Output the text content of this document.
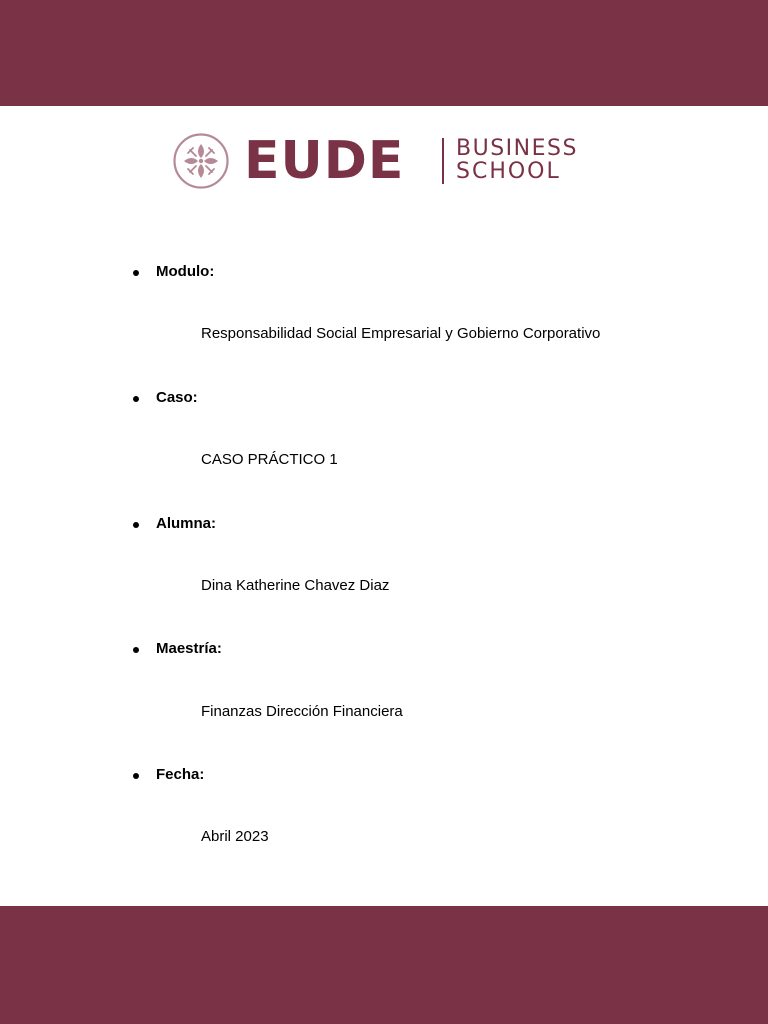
EUDE BUSINESS
SCHOOL
Modulo:
Responsabilidad Social Empresarial y Gobierno Corporativo
Caso:
CASO PRÁCTICO 1
Alumna:
Dina Katherine Chavez Diaz
Maestría:
Finanzas Dirección Financiera
Fecha:
Abril 2023
